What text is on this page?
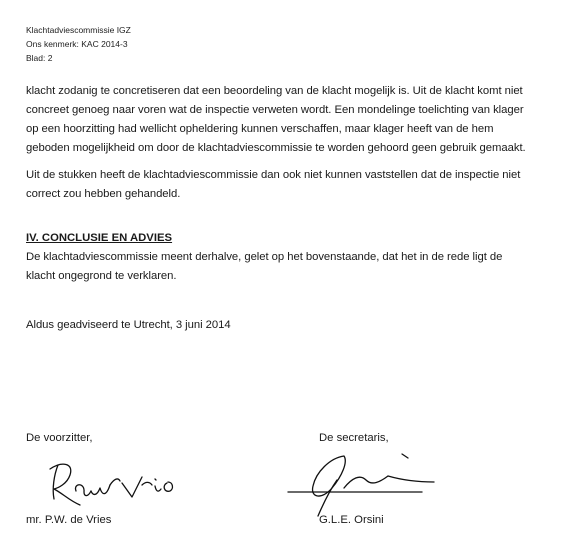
Klachtadviescommissie IGZ
Ons kenmerk: KAC 2014-3
Blad: 2
klacht zodanig te concretiseren dat een beoordeling van de klacht mogelijk is. Uit de klacht komt niet
concreet genoeg naar voren wat de inspectie verweten wordt. Een mondelinge toelichting van klager
op een hoorzitting had wellicht opheldering kunnen verschaffen, maar klager heeft van de hem
geboden mogelijkheid om door de klachtadviescommissie te worden gehoord geen gebruik gemaakt.
Uit de stukken heeft de klachtadviescommissie dan ook niet kunnen vaststellen dat de inspectie niet
correct zou hebben gehandeld.
IV. CONCLUSIE EN ADVIES
De klachtadviescommissie meent derhalve, gelet op het bovenstaande, dat het in de rede ligt de
klacht ongegrond te verklaren.
Aldus geadviseerd te Utrecht, 3 juni 2014
De voorzitter,	De secretaris,
mr. P.W. de Vries	G.L.E. Orsini
